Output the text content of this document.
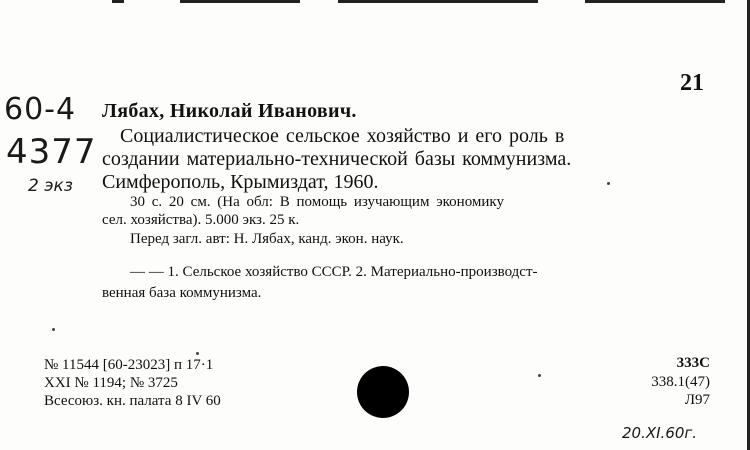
21
60-4
4377
2 экз
Лябах, Николай Иванович.
Социалистическое сельское хозяйство и его роль в
создании материально-технической базы коммунизма.
Симферополь, Крымиздат, 1960.
30 с. 20 см. (На обл: В помощь изучающим экономику
сел. хозяйства). 5.000 экз. 25 к.
Перед загл. авт: Н. Лябах, канд. экон. наук.
— — 1. Сельское хозяйство СССР. 2. Материально-производст-
венная база коммунизма.
№ 11544 [60-23023] п 17·1
XXI № 1194; № 3725
Всесоюз. кн. палата 8 IV 60
333С
338.1(47)
Л97
20.XI.60г.
